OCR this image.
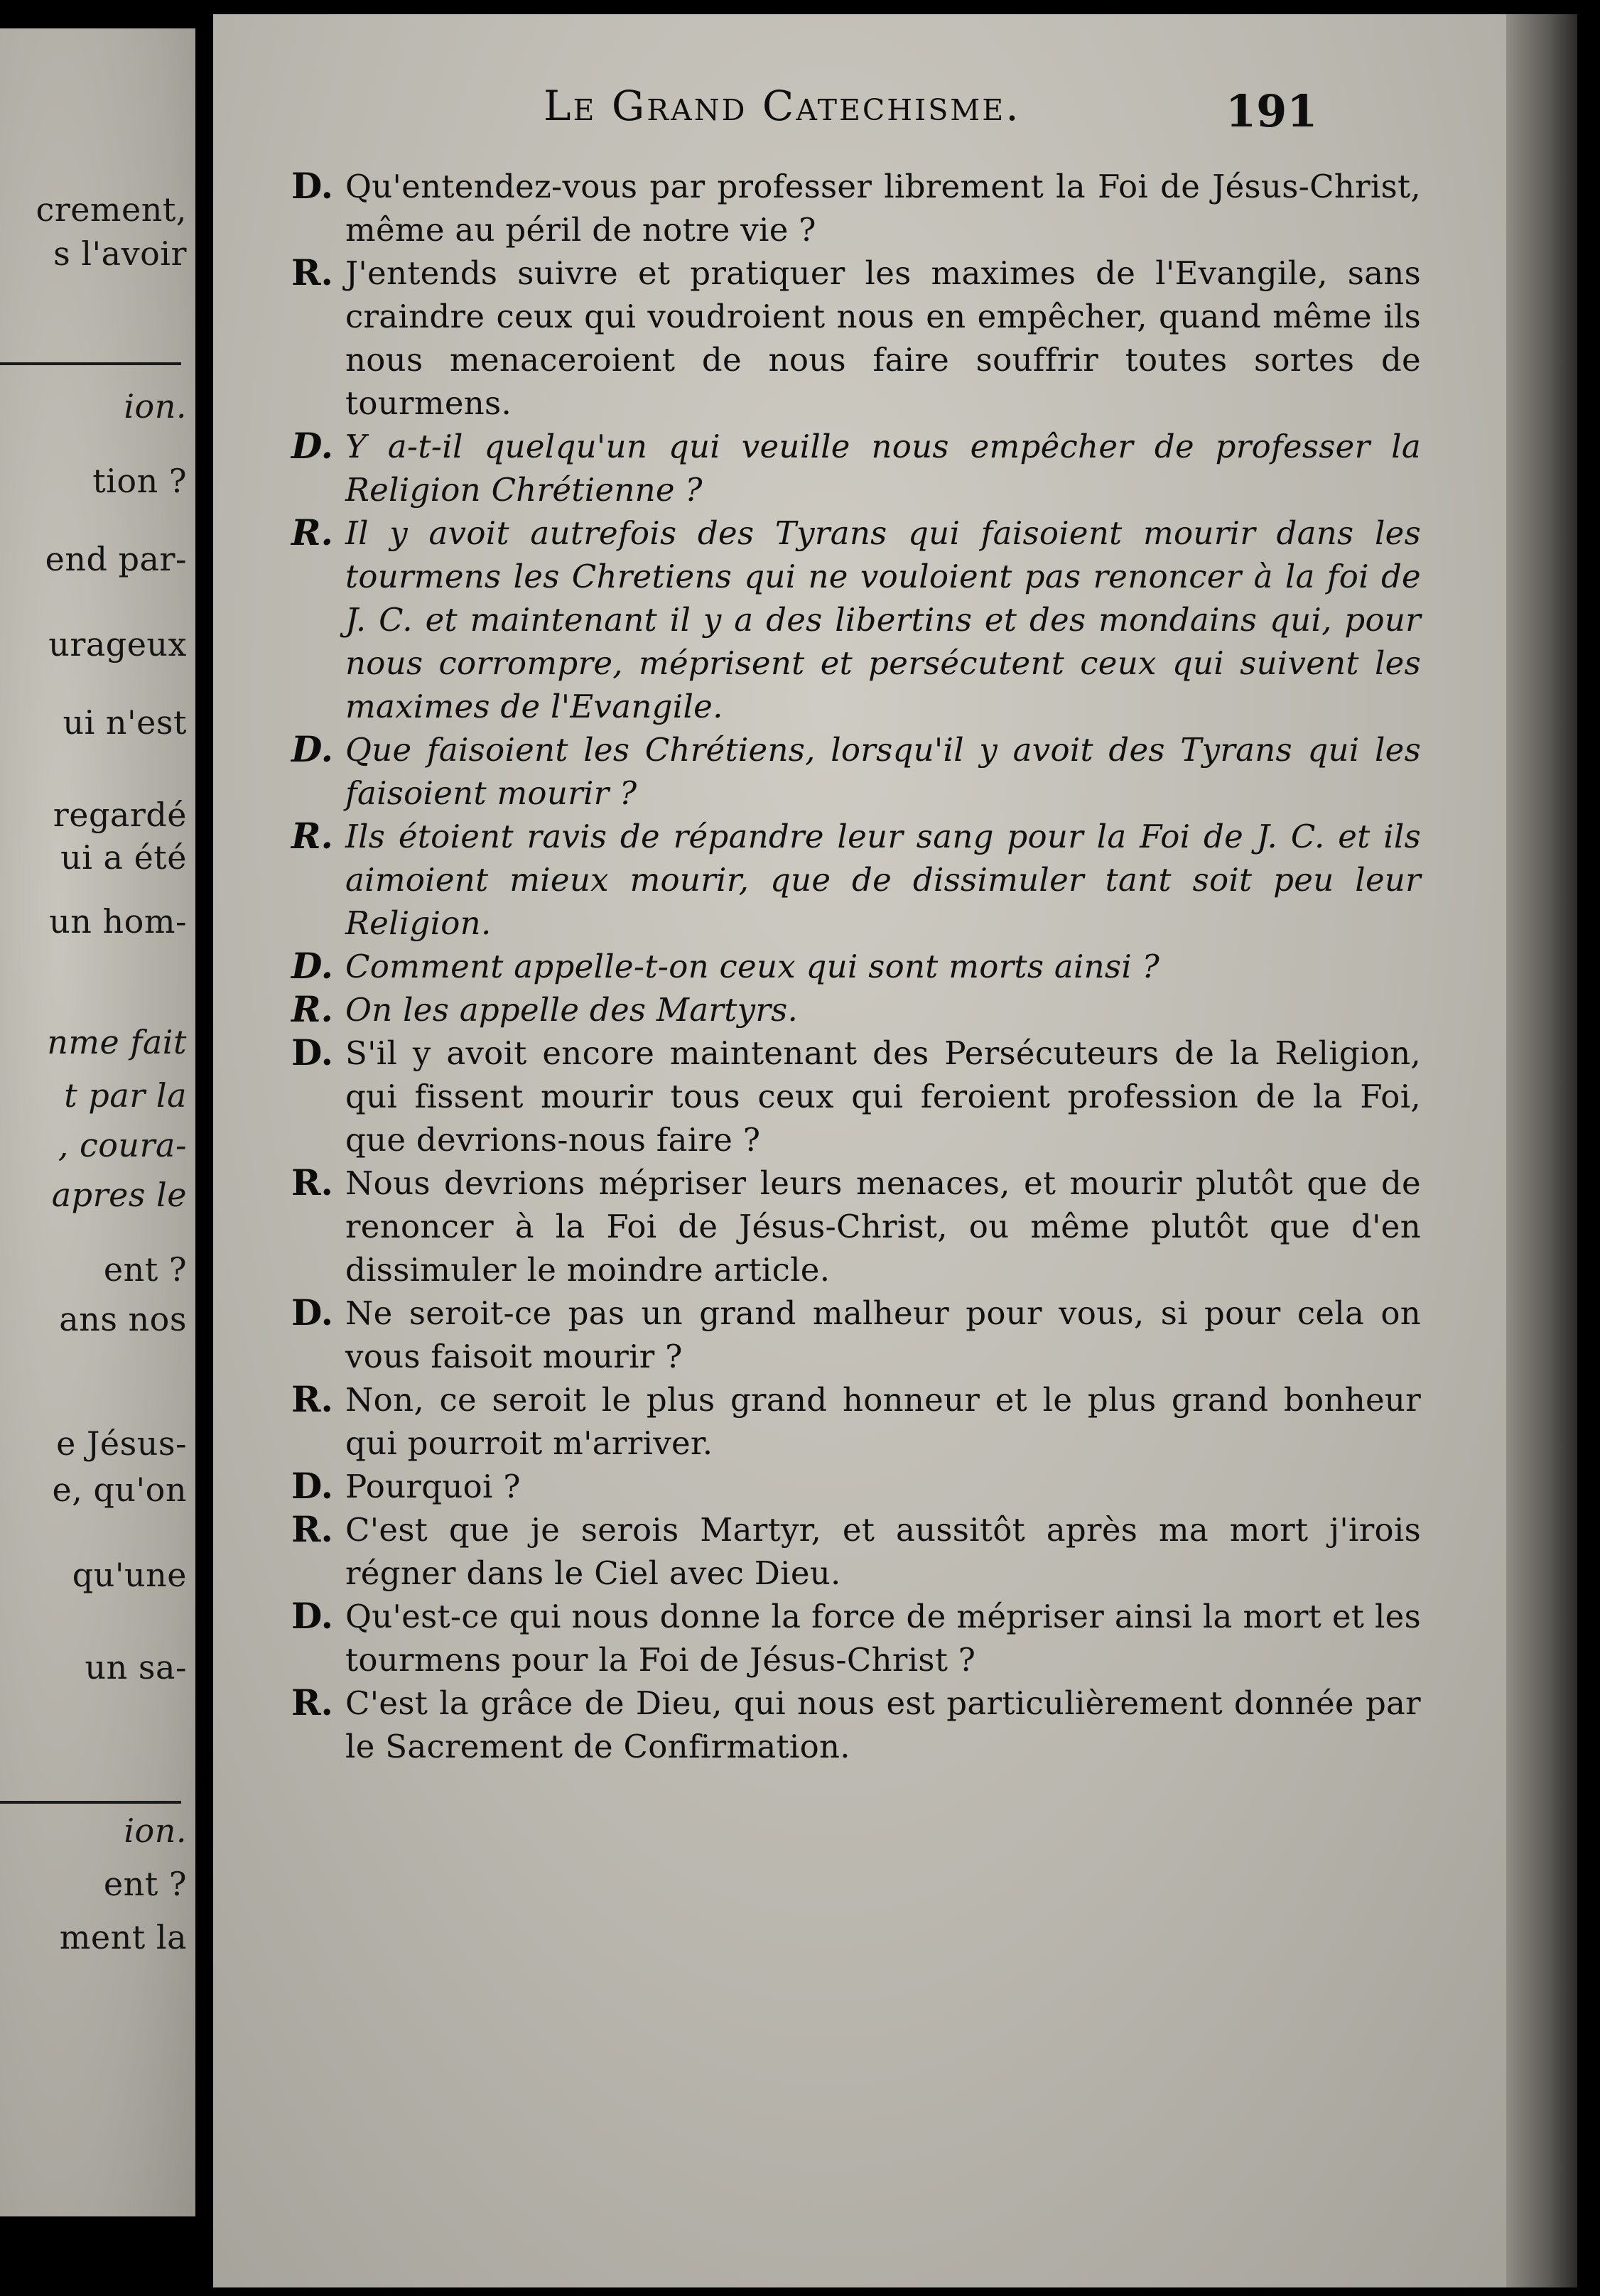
crement,
s l'avoir
ion.
tion ?
end par-
urageux
ui n'est
regardé
ui a été
un hom-
nme fait
t par la
, coura-
apres le
ent ?
ans nos
e Jésus-
e, qu'on
qu'une
un sa-
ion.
ent ?
ment la
Le Grand Catechisme.	191
D. Qu'entendez-vous par professer librement la Foi de Jésus-Christ, même au péril de notre vie ?
R. J'entends suivre et pratiquer les maximes de l'Evangile, sans craindre ceux qui voudroient nous en empêcher, quand même ils nous menaceroient de nous faire souffrir toutes sortes de tourmens.
D. Y a-t-il quelqu'un qui veuille nous empêcher de professer la Religion Chrétienne ?
R. Il y avoit autrefois des Tyrans qui faisoient mourir dans les tourmens les Chretiens qui ne vouloient pas renoncer à la foi de J. C. et maintenant il y a des libertins et des mondains qui, pour nous corrompre, méprisent et persécutent ceux qui suivent les maximes de l'Evangile.
D. Que faisoient les Chrétiens, lorsqu'il y avoit des Tyrans qui les faisoient mourir ?
R. Ils étoient ravis de répandre leur sang pour la Foi de J. C. et ils aimoient mieux mourir, que de dissimuler tant soit peu leur Religion.
D. Comment appelle-t-on ceux qui sont morts ainsi ?
R. On les appelle des Martyrs.
D. S'il y avoit encore maintenant des Persécuteurs de la Religion, qui fissent mourir tous ceux qui feroient profession de la Foi, que devrions-nous faire ?
R. Nous devrions mépriser leurs menaces, et mourir plutôt que de renoncer à la Foi de Jésus-Christ, ou même plutôt que d'en dissimuler le moindre article.
D. Ne seroit-ce pas un grand malheur pour vous, si pour cela on vous faisoit mourir ?
R. Non, ce seroit le plus grand honneur et le plus grand bonheur qui pourroit m'arriver.
D. Pourquoi ?
R. C'est que je serois Martyr, et aussitôt après ma mort j'irois régner dans le Ciel avec Dieu.
D. Qu'est-ce qui nous donne la force de mépriser ainsi la mort et les tourmens pour la Foi de Jésus-Christ ?
R. C'est la grâce de Dieu, qui nous est particulièrement donnée par le Sacrement de Confirmation.
